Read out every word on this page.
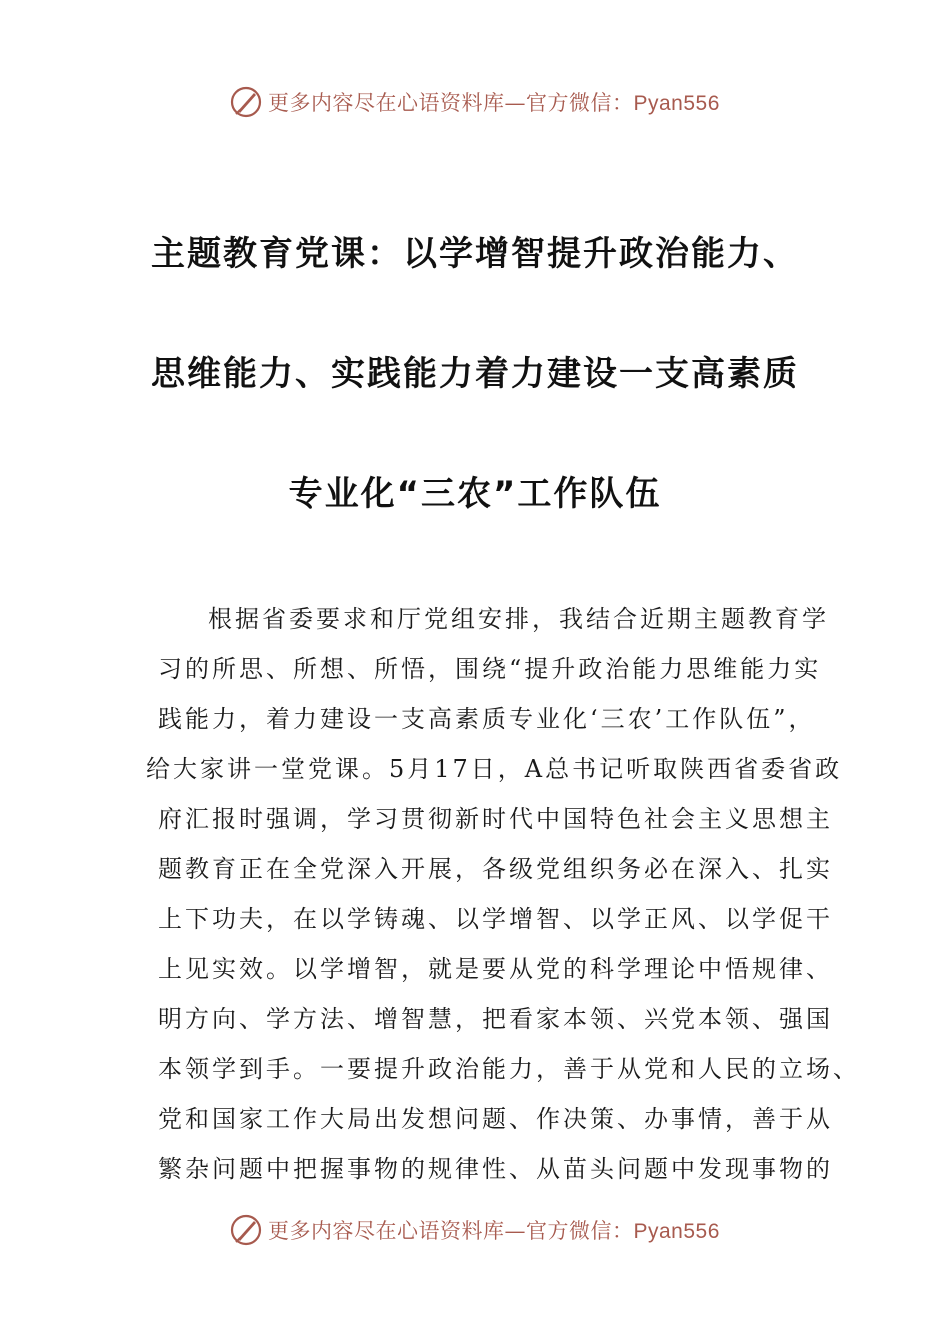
更多内容尽在心语资料库—官方微信：Pyan556
主题教育党课：以学增智提升政治能力、
思维能力、实践能力着力建设一支高素质
专业化“三农”工作队伍
根据省委要求和厅党组安排，我结合近期主题教育学
习的所思、所想、所悟，围绕“提升政治能力思维能力实
践能力，着力建设一支高素质专业化‘三农’工作队伍”，
给大家讲一堂党课。5月17日，A总书记听取陕西省委省政
府汇报时强调，学习贯彻新时代中国特色社会主义思想主
题教育正在全党深入开展，各级党组织务必在深入、扎实
上下功夫，在以学铸魂、以学增智、以学正风、以学促干
上见实效。以学增智，就是要从党的科学理论中悟规律、
明方向、学方法、增智慧，把看家本领、兴党本领、强国
本领学到手。一要提升政治能力，善于从党和人民的立场、
党和国家工作大局出发想问题、作决策、办事情，善于从
繁杂问题中把握事物的规律性、从苗头问题中发现事物的
更多内容尽在心语资料库—官方微信：Pyan556
